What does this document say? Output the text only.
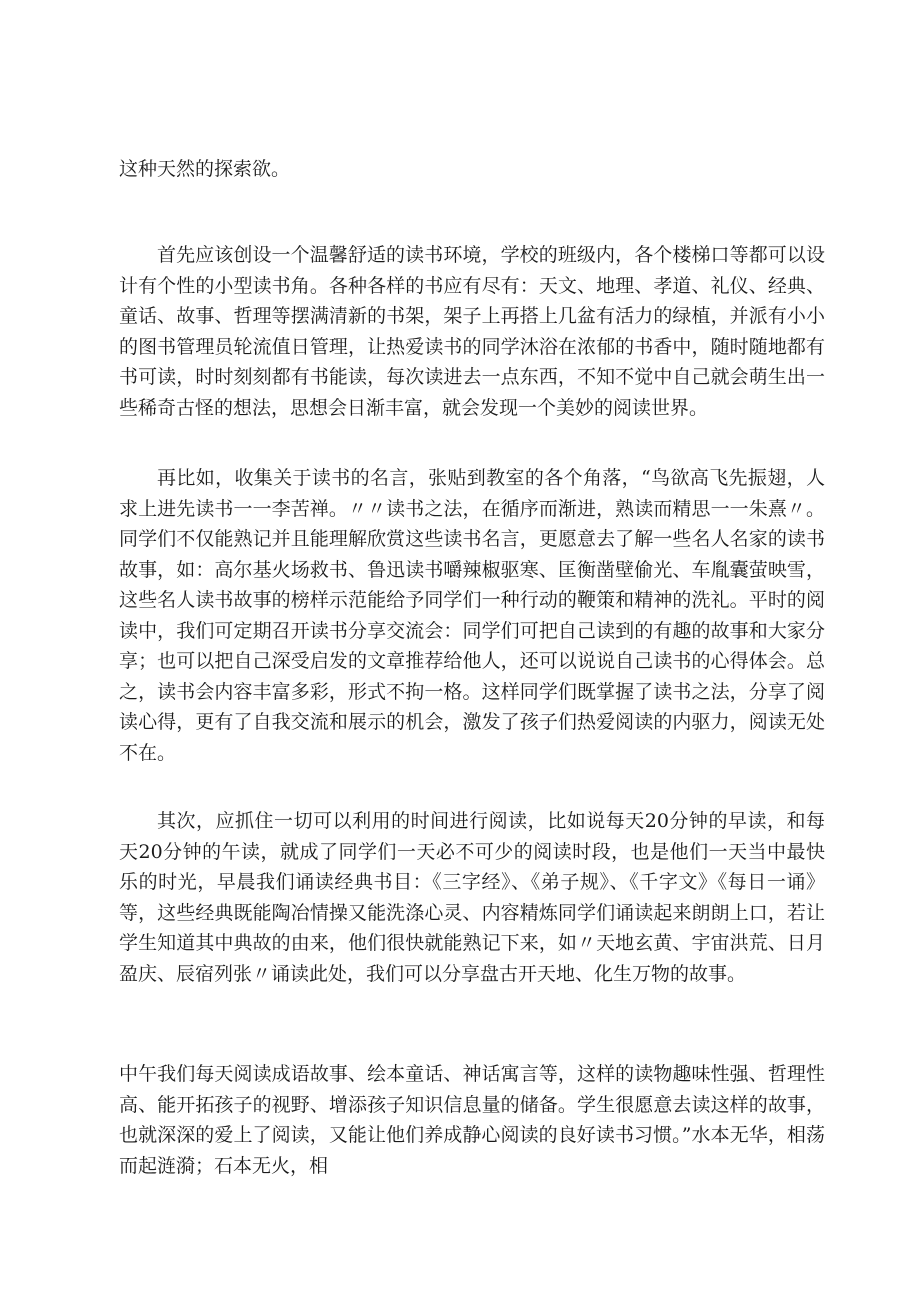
这种天然的探索欲。
首先应该创设一个温馨舒适的读书环境，学校的班级内，各个楼梯口等都可以设计有个性的小型读书角。各种各样的书应有尽有：天文、地理、孝道、礼仪、经典、童话、故事、哲理等摆满清新的书架，架子上再搭上几盆有活力的绿植，并派有小小的图书管理员轮流值日管理，让热爱读书的同学沐浴在浓郁的书香中，随时随地都有书可读，时时刻刻都有书能读，每次读进去一点东西，不知不觉中自己就会萌生出一些稀奇古怪的想法，思想会日渐丰富，就会发现一个美妙的阅读世界。
再比如，收集关于读书的名言，张贴到教室的各个角落，“鸟欲高飞先振翅，人求上进先读书一一李苦禅。〃〃读书之法，在循序而渐进，熟读而精思一一朱熹〃。同学们不仅能熟记并且能理解欣赏这些读书名言，更愿意去了解一些名人名家的读书故事，如：高尔基火场救书、鲁迅读书嚼辣椒驱寒、匡衡凿壁偷光、车胤囊萤映雪，这些名人读书故事的榜样示范能给予同学们一种行动的鞭策和精神的洗礼。平时的阅读中，我们可定期召开读书分享交流会：同学们可把自己读到的有趣的故事和大家分享；也可以把自己深受启发的文章推荐给他人，还可以说说自己读书的心得体会。总之，读书会内容丰富多彩，形式不拘一格。这样同学们既掌握了读书之法，分享了阅读心得，更有了自我交流和展示的机会，激发了孩子们热爱阅读的内驱力，阅读无处不在。
其次，应抓住一切可以利用的时间进行阅读，比如说每天20分钟的早读，和每天20分钟的午读，就成了同学们一天必不可少的阅读时段，也是他们一天当中最快乐的时光，早晨我们诵读经典书目：《三字经》、《弟子规》、《千字文》《每日一诵》等，这些经典既能陶冶情操又能洗涤心灵、内容精炼同学们诵读起来朗朗上口，若让学生知道其中典故的由来，他们很快就能熟记下来，如〃天地玄黄、宇宙洪荒、日月盈庆、辰宿列张〃诵读此处，我们可以分享盘古开天地、化生万物的故事。
中午我们每天阅读成语故事、绘本童话、神话寓言等，这样的读物趣味性强、哲理性高、能开拓孩子的视野、增添孩子知识信息量的储备。学生很愿意去读这样的故事，也就深深的爱上了阅读，又能让他们养成静心阅读的良好读书习惯。”水本无华，相荡而起涟漪；石本无火，相
